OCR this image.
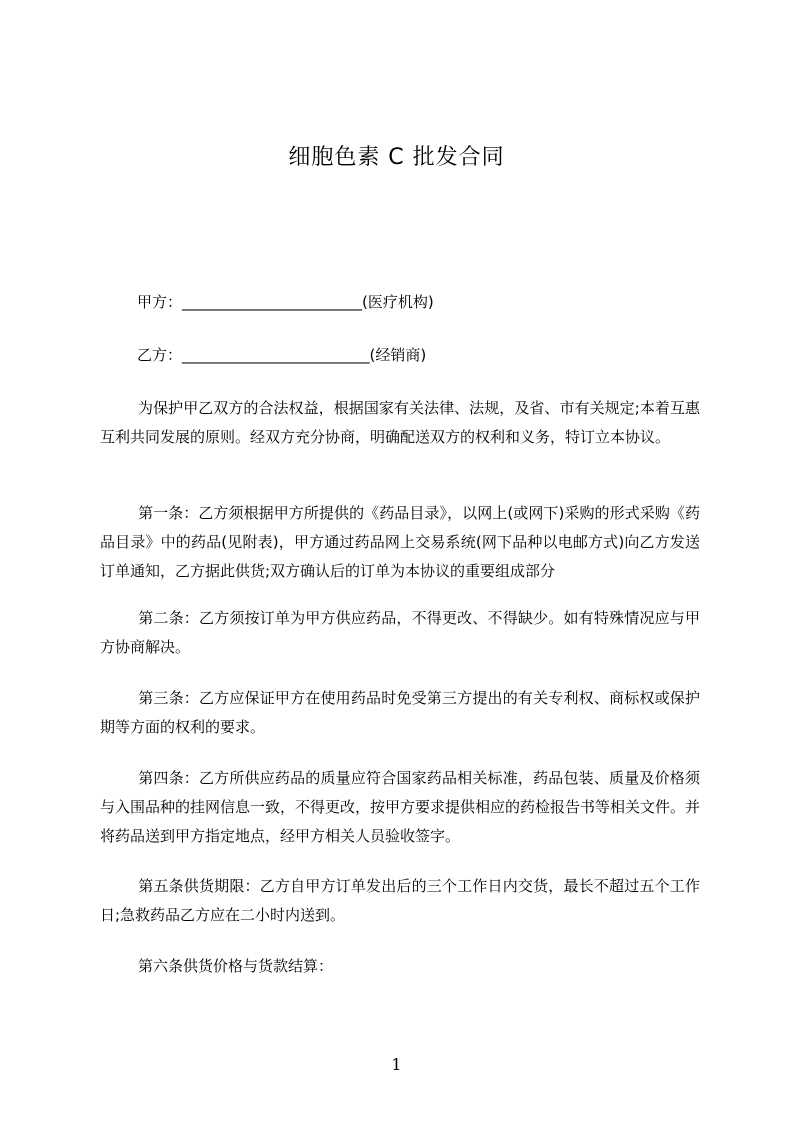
细胞色素 C 批发合同
甲方：________________________(医疗机构)
乙方：_________________________(经销商)
为保护甲乙双方的合法权益，根据国家有关法律、法规，及省、市有关规定;本着互惠互利共同发展的原则。经双方充分协商，明确配送双方的权利和义务，特订立本协议。
第一条：乙方须根据甲方所提供的《药品目录》，以网上(或网下)采购的形式采购《药品目录》中的药品(见附表)，甲方通过药品网上交易系统(网下品种以电邮方式)向乙方发送订单通知，乙方据此供货;双方确认后的订单为本协议的重要组成部分
第二条：乙方须按订单为甲方供应药品，不得更改、不得缺少。如有特殊情况应与甲方协商解决。
第三条：乙方应保证甲方在使用药品时免受第三方提出的有关专利权、商标权或保护期等方面的权利的要求。
第四条：乙方所供应药品的质量应符合国家药品相关标准，药品包装、质量及价格须与入围品种的挂网信息一致，不得更改，按甲方要求提供相应的药检报告书等相关文件。并将药品送到甲方指定地点，经甲方相关人员验收签字。
第五条供货期限：乙方自甲方订单发出后的三个工作日内交货，最长不超过五个工作日;急救药品乙方应在二小时内送到。
第六条供货价格与货款结算：
1
